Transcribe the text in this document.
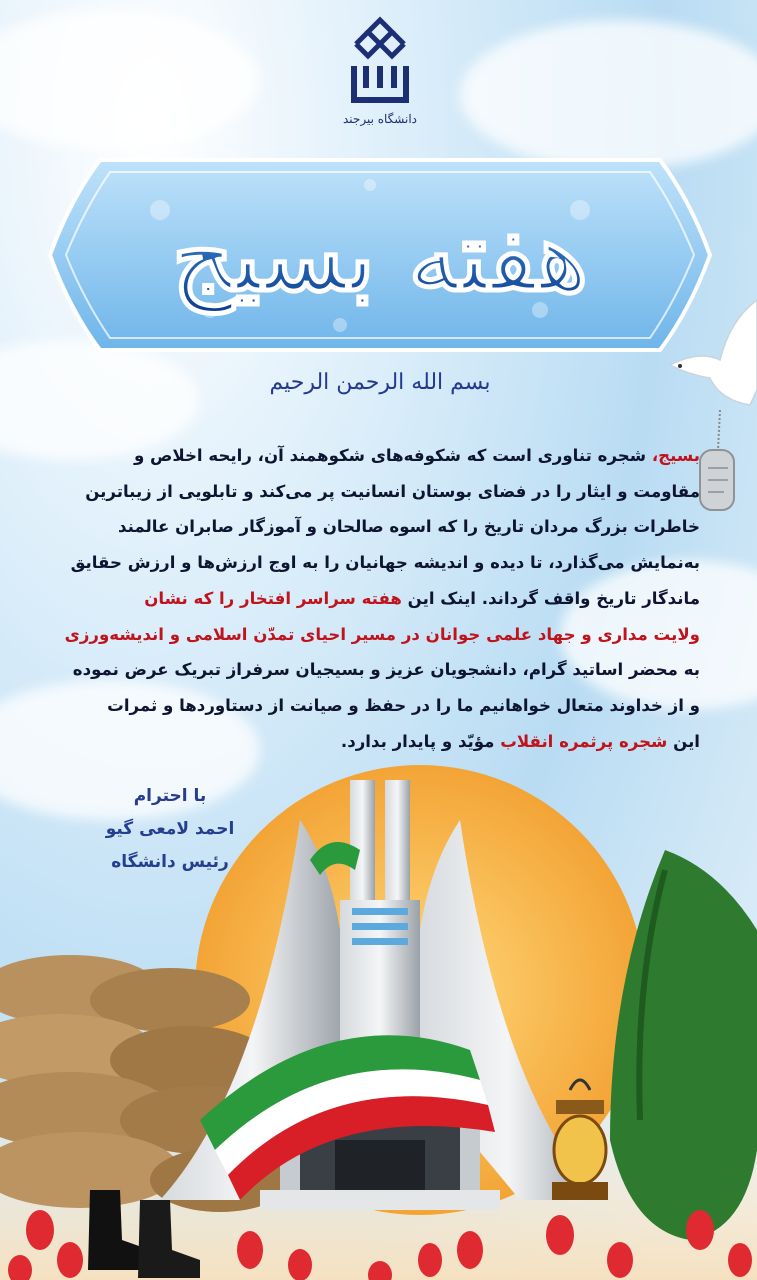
دانشگاه بیرجند
هفته بسیج
بسم الله الرحمن الرحیم

بسیج، شجره تناوری است که شکوفه‌های شکوهمند آن، رایحه اخلاص و

مقاومت و ایثار را در فضای بوستان انسانیت پر می‌کند و تابلویی از زیباترین

خاطرات بزرگ مردان تاریخ را که اسوه صالحان و آموزگار صابران عالمند

به‌نمایش می‌گذارد، تا دیده و اندیشه جهانیان را به اوج ارزش‌ها و ارزش حقایق

ماندگار تاریخ واقف گرداند. اینک این هفته سراسر افتخار را که نشان

ولایت مداری و جهاد علمی جوانان در مسیر احیای تمدّن اسلامی و اندیشه‌ورزی

به محضر اساتید گرام، دانشجویان عزیز و بسیجیان سرفراز تبریک عرض نموده

و از خداوند متعال خواهانیم ما را در حفظ و صیانت از دستاوردها و ثمرات

این شجره پرثمره انقلاب مؤیّد و پایدار بدارد.

با احترام
احمد لامعی گیو
رئیس دانشگاه
